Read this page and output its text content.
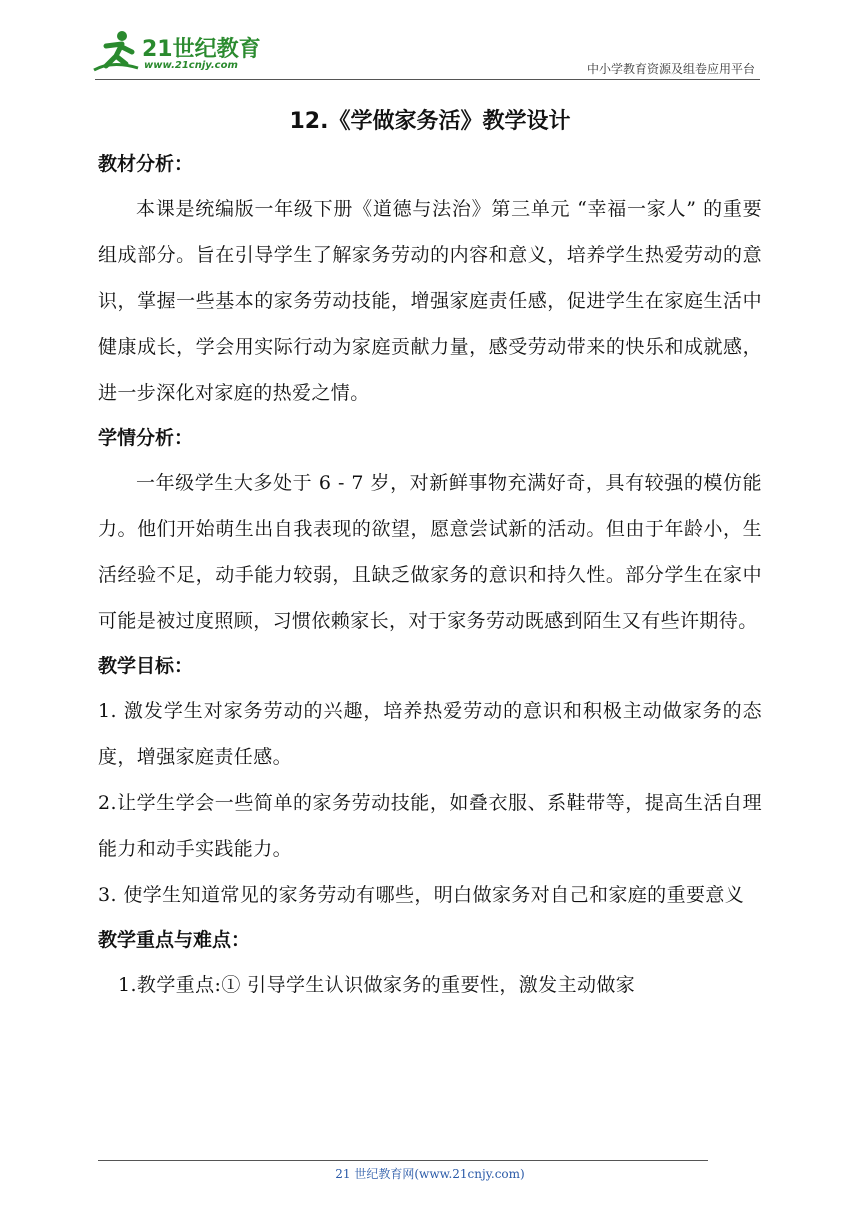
21世纪教育
www.21cnjy.com	中小学教育资源及组卷应用平台

12.《学做家务活》教学设计

教材分析：

本课是统编版一年级下册《道德与法治》第三单元 “幸福一家人” 的重要组成部分。旨在引导学生了解家务劳动的内容和意义，培养学生热爱劳动的意识，掌握一些基本的家务劳动技能，增强家庭责任感，促进学生在家庭生活中健康成长，学会用实际行动为家庭贡献力量，感受劳动带来的快乐和成就感，进一步深化对家庭的热爱之情。

学情分析：

一年级学生大多处于 6 - 7 岁，对新鲜事物充满好奇，具有较强的模仿能力。他们开始萌生出自我表现的欲望，愿意尝试新的活动。但由于年龄小，生活经验不足，动手能力较弱，且缺乏做家务的意识和持久性。部分学生在家中可能是被过度照顾，习惯依赖家长，对于家务劳动既感到陌生又有些许期待。

教学目标：

1. 激发学生对家务劳动的兴趣，培养热爱劳动的意识和积极主动做家务的态度，增强家庭责任感。

2.让学生学会一些简单的家务劳动技能，如叠衣服、系鞋带等，提高生活自理能力和动手实践能力。

3. 使学生知道常见的家务劳动有哪些，明白做家务对自己和家庭的重要意义

教学重点与难点：

1.教学重点:① 引导学生认识做家务的重要性，激发主动做家

21 世纪教育网(www.21cnjy.com)
